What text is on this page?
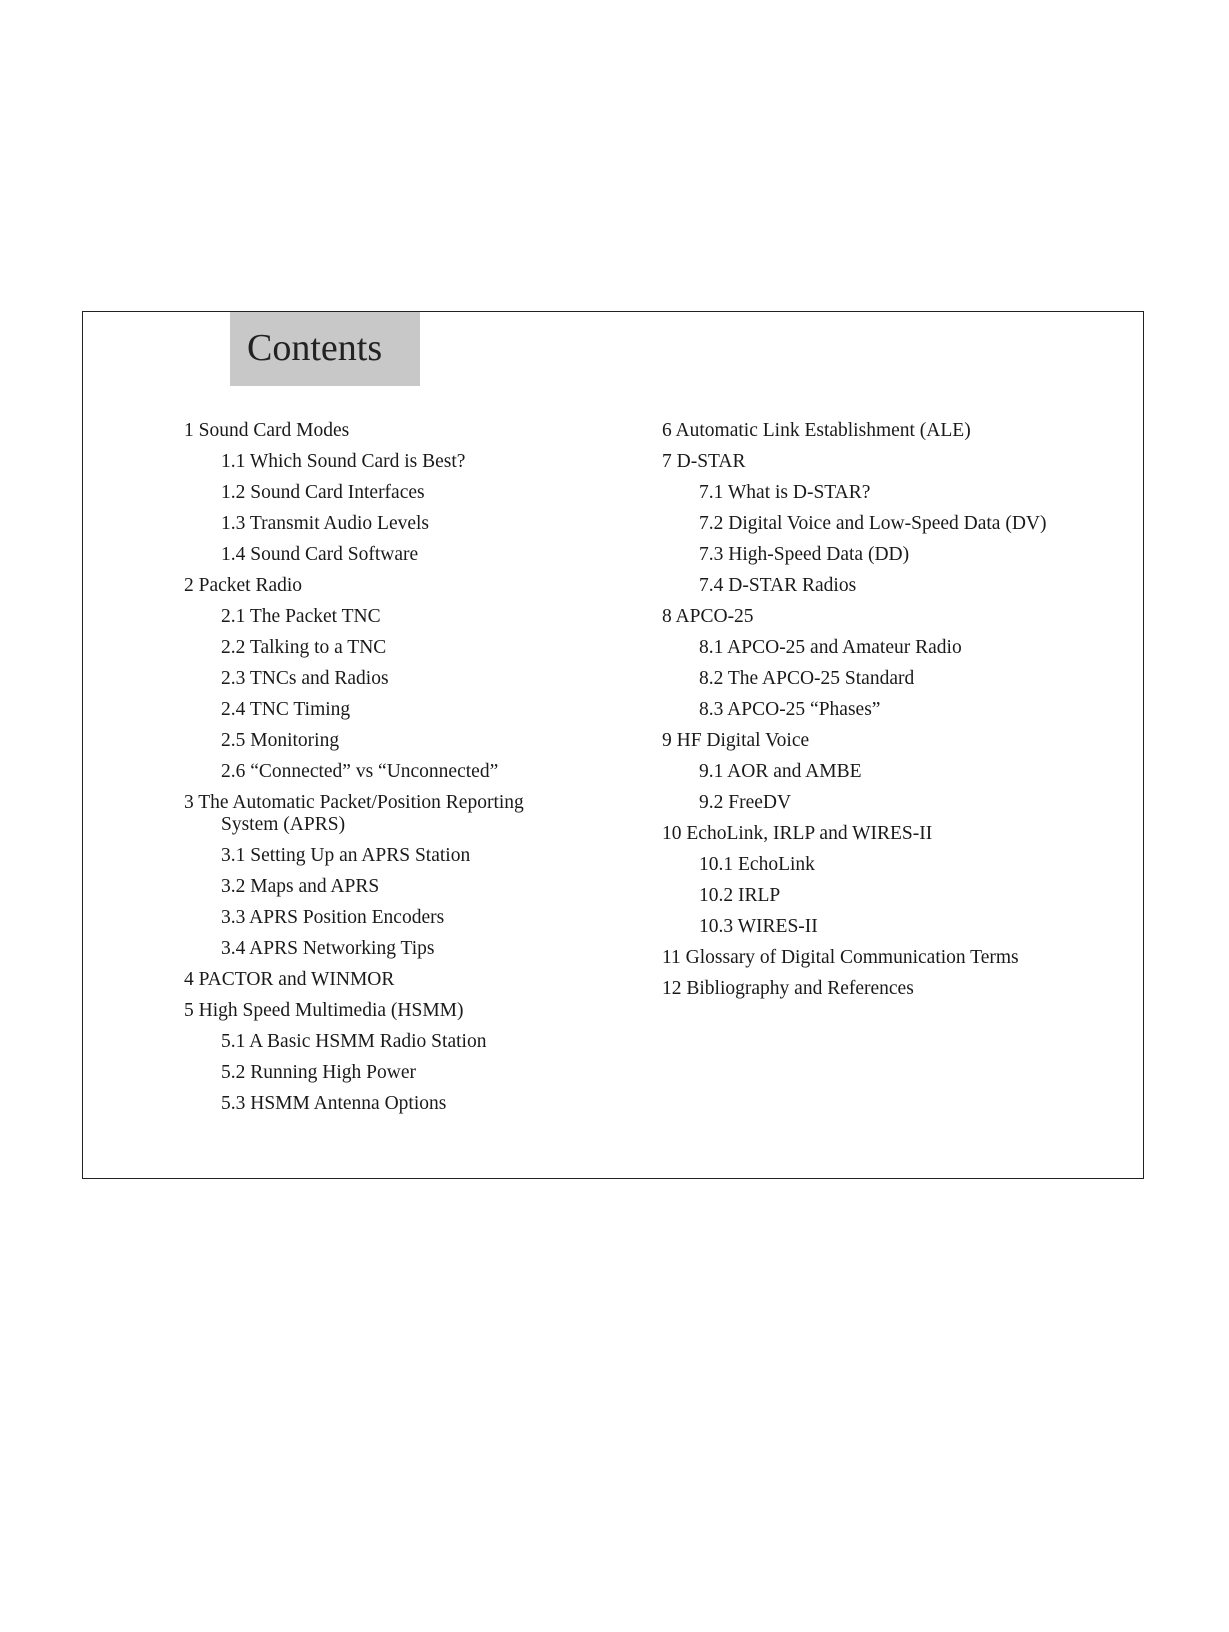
Contents
1 Sound Card Modes
1.1 Which Sound Card is Best?
1.2 Sound Card Interfaces
1.3 Transmit Audio Levels
1.4 Sound Card Software
2 Packet Radio
2.1 The Packet TNC
2.2 Talking to a TNC
2.3 TNCs and Radios
2.4 TNC Timing
2.5 Monitoring
2.6 “Connected” vs “Unconnected”
3 The Automatic Packet/Position Reporting System (APRS)
3.1 Setting Up an APRS Station
3.2 Maps and APRS
3.3 APRS Position Encoders
3.4 APRS Networking Tips
4 PACTOR and WINMOR
5 High Speed Multimedia (HSMM)
5.1 A Basic HSMM Radio Station
5.2 Running High Power
5.3 HSMM Antenna Options
6 Automatic Link Establishment (ALE)
7 D-STAR
7.1 What is D-STAR?
7.2 Digital Voice and Low-Speed Data (DV)
7.3 High-Speed Data (DD)
7.4 D-STAR Radios
8 APCO-25
8.1 APCO-25 and Amateur Radio
8.2 The APCO-25 Standard
8.3 APCO-25 “Phases”
9 HF Digital Voice
9.1 AOR and AMBE
9.2 FreeDV
10 EchoLink, IRLP and WIRES-II
10.1 EchoLink
10.2 IRLP
10.3 WIRES-II
11 Glossary of Digital Communication Terms
12 Bibliography and References
